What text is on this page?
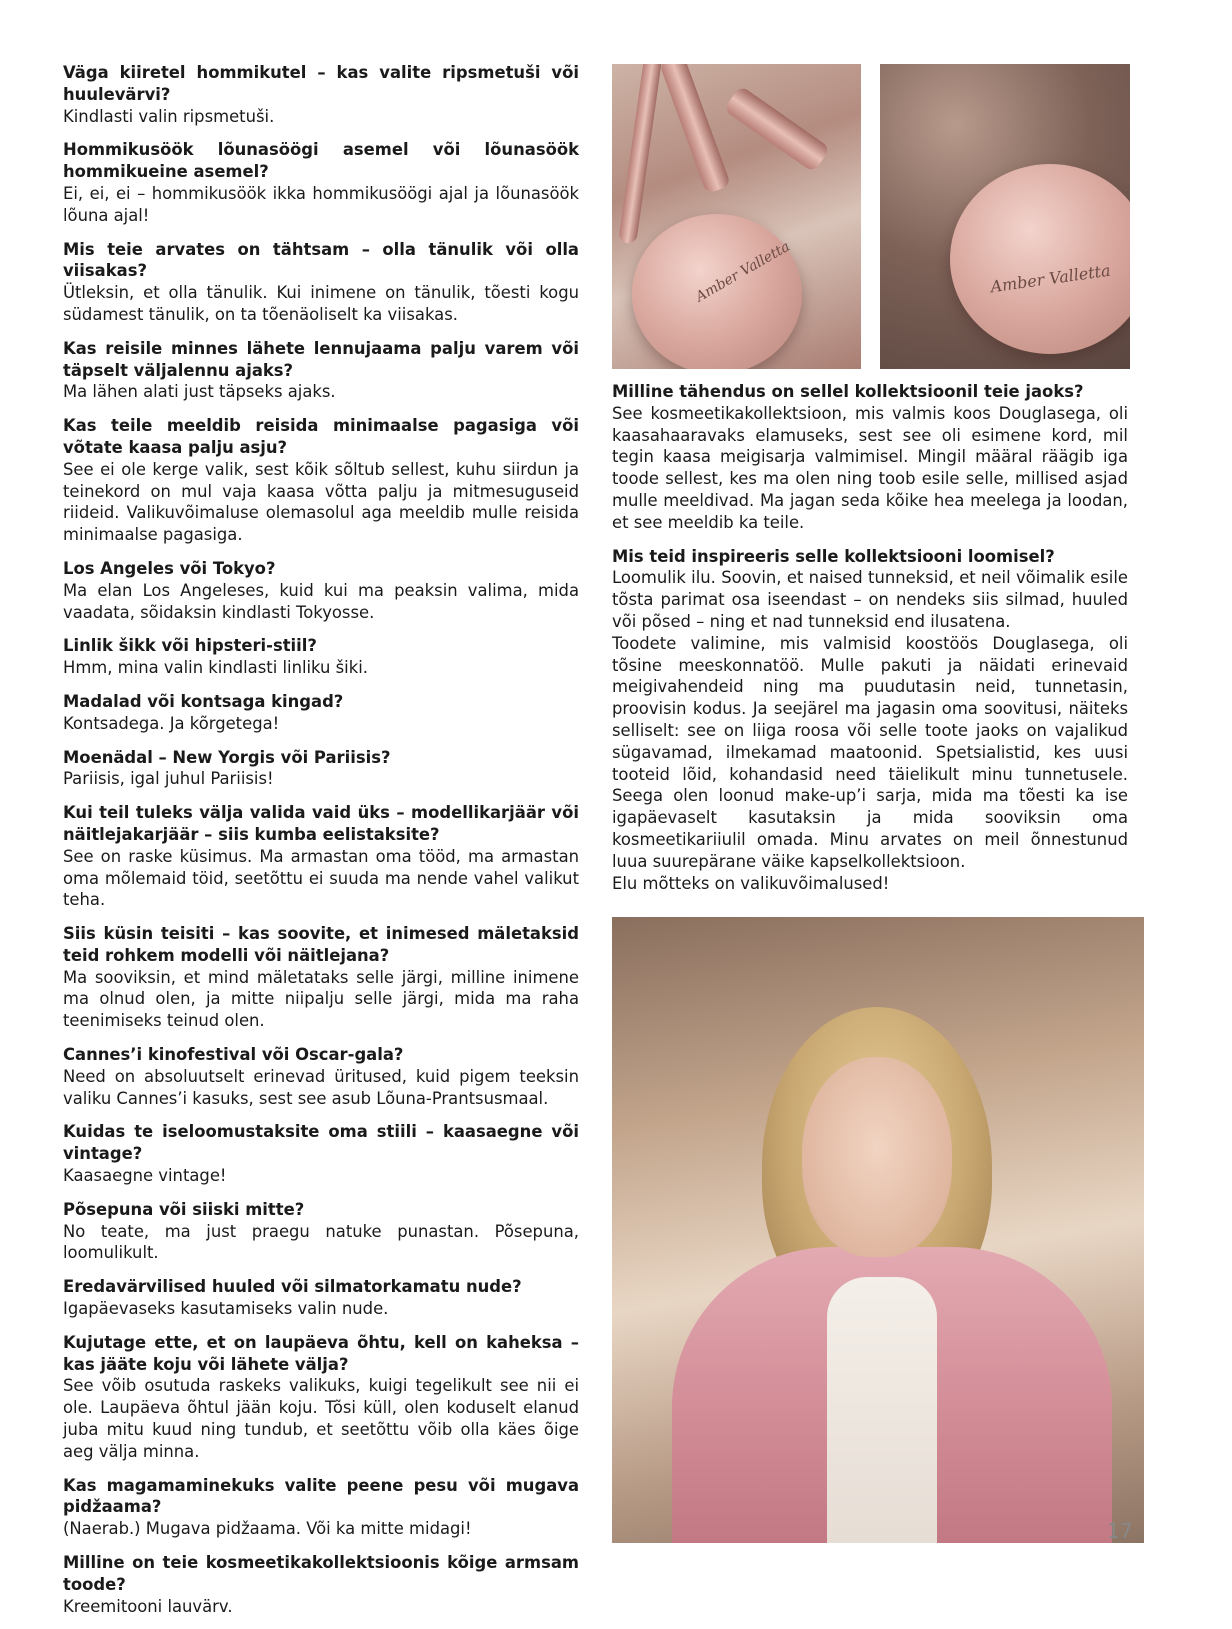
Väga kiiretel hommikutel – kas valite ripsmetuši või huulevärvi?
Kindlasti valin ripsmetuši.
Hommikusöök lõunasöögi asemel või lõunasöök hommikueine asemel?
Ei, ei, ei – hommikusöök ikka hommikusöögi ajal ja lõunasöök lõuna ajal!
Mis teie arvates on tähtsam – olla tänulik või olla viisakas?
Ütleksin, et olla tänulik. Kui inimene on tänulik, tõesti kogu südamest tänulik, on ta tõenäoliselt ka viisakas.
Kas reisile minnes lähete lennujaama palju varem või täpselt väljalennu ajaks?
Ma lähen alati just täpseks ajaks.
Kas teile meeldib reisida minimaalse pagasiga või võtate kaasa palju asju?
See ei ole kerge valik, sest kõik sõltub sellest, kuhu siirdun ja teinekord on mul vaja kaasa võtta palju ja mitmesuguseid riideid. Valikuvõimaluse olemasolul aga meeldib mulle reisida minimaalse pagasiga.
Los Angeles või Tokyo?
Ma elan Los Angeleses, kuid kui ma peaksin valima, mida vaadata, sõidaksin kindlasti Tokyosse.
Linlik šikk või hipsteri-stiil?
Hmm, mina valin kindlasti linliku šiki.
Madalad või kontsaga kingad?
Kontsadega. Ja kõrgetega!
Moenädal – New Yorgis või Pariisis?
Pariisis, igal juhul Pariisis!
Kui teil tuleks välja valida vaid üks – modellikarjäär või näitlejakarjäär – siis kumba eelistaksite?
See on raske küsimus. Ma armastan oma tööd, ma armastan oma mõlemaid töid, seetõttu ei suuda ma nende vahel valikut teha.
Siis küsin teisiti – kas soovite, et inimesed mäletaksid teid rohkem modelli või näitlejana?
Ma sooviksin, et mind mäletataks selle järgi, milline inimene ma olnud olen, ja mitte niipalju selle järgi, mida ma raha teenimiseks teinud olen.
Cannes’i kinofestival või Oscar-gala?
Need on absoluutselt erinevad üritused, kuid pigem teeksin valiku Cannes’i kasuks, sest see asub Lõuna-Prantsusmaal.
Kuidas te iseloomustaksite oma stiili – kaasaegne või vintage?
Kaasaegne vintage!
Põsepuna või siiski mitte?
No teate, ma just praegu natuke punastan. Põsepuna, loomulikult.
Eredavärvilised huuled või silmatorkamatu nude?
Igapäevaseks kasutamiseks valin nude.
Kujutage ette, et on laupäeva õhtu, kell on kaheksa – kas jääte koju või lähete välja?
See võib osutuda raskeks valikuks, kuigi tegelikult see nii ei ole. Laupäeva õhtul jään koju. Tõsi küll, olen koduselt elanud juba mitu kuud ning tundub, et seetõttu võib olla käes õige aeg välja minna.
Kas magamaminekuks valite peene pesu või mugava pidžaama?
(Naerab.) Mugava pidžaama. Või ka mitte midagi!
Milline on teie kosmeetikakollektsioonis kõige armsam toode?
Kreemitooni lauvärv.
Amber Valletta	Amber Valletta
Milline tähendus on sellel kollektsioonil teie jaoks?
See kosmeetikakollektsioon, mis valmis koos Douglasega, oli kaasahaaravaks elamuseks, sest see oli esimene kord, mil tegin kaasa meigisarja valmimisel. Mingil määral räägib iga toode sellest, kes ma olen ning toob esile selle, millised asjad mulle meeldivad. Ma jagan seda kõike hea meelega ja loodan, et see meeldib ka teile.
Mis teid inspireeris selle kollektsiooni loomisel?
Loomulik ilu. Soovin, et naised tunneksid, et neil võimalik esile tõsta parimat osa iseendast – on nendeks siis silmad, huuled või põsed – ning et nad tunneksid end ilusatena.
Toodete valimine, mis valmisid koostöös Douglasega, oli tõsine meeskonnatöö. Mulle pakuti ja näidati erinevaid meigivahendeid ning ma puudutasin neid, tunnetasin, proovisin kodus. Ja seejärel ma jagasin oma soovitusi, näiteks selliselt: see on liiga roosa või selle toote jaoks on vajalikud sügavamad, ilmekamad maatoonid. Spetsialistid, kes uusi tooteid lõid, kohandasid need täielikult minu tunnetusele. Seega olen loonud make-up’i sarja, mida ma tõesti ka ise igapäevaselt kasutaksin ja mida sooviksin oma kosmeetikariiulil omada. Minu arvates on meil õnnestunud luua suurepärane väike kapselkollektsioon.
Elu mõtteks on valikuvõimalused!
17
